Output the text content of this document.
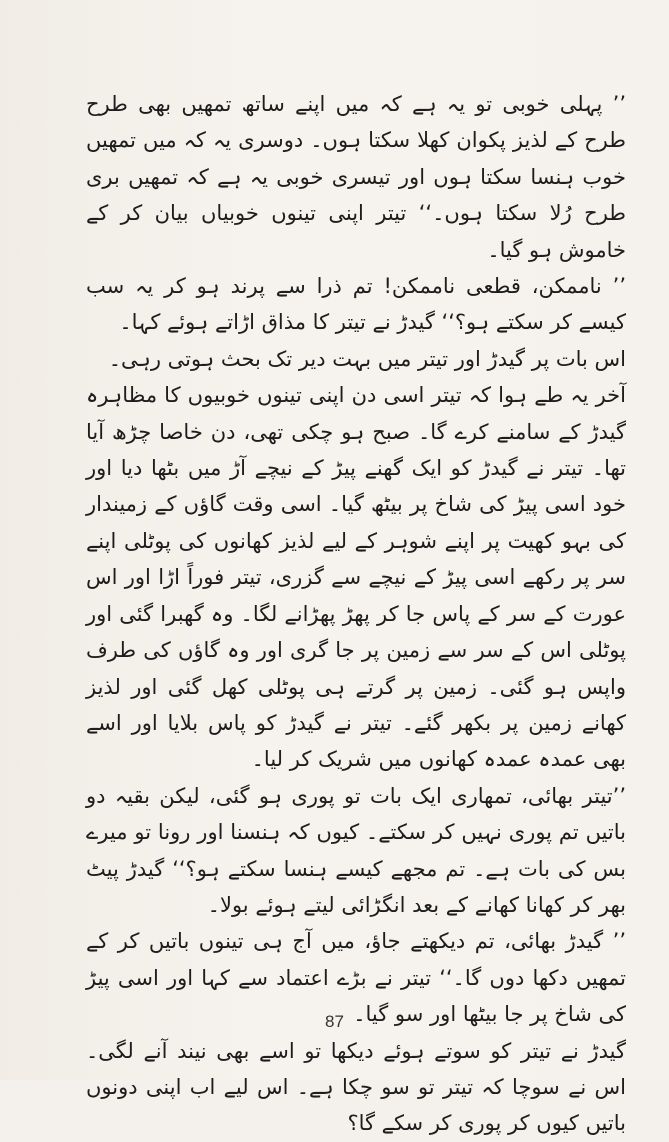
’’ پہلی خوبی تو یہ ہے کہ میں اپنے ساتھ تمھیں بھی طرح طرح کے لذیز پکوان کھلا سکتا ہوں۔ دوسری یہ کہ میں تمھیں خوب ہنسا سکتا ہوں اور تیسری خوبی یہ ہے کہ تمھیں بری طرح رُلا سکتا ہوں۔‘‘ تیتر اپنی تینوں خوبیاں بیان کر کے خاموش ہو گیا۔

’’ ناممکن، قطعی ناممکن! تم ذرا سے پرند ہو کر یہ سب کیسے کر سکتے ہو؟‘‘ گیدڑ نے تیتر کا مذاق اڑاتے ہوئے کہا۔

اس بات پر گیدڑ اور تیتر میں بہت دیر تک بحث ہوتی رہی۔

آخر یہ طے ہوا کہ تیتر اسی دن اپنی تینوں خوبیوں کا مظاہرہ گیدڑ کے سامنے کرے گا۔ صبح ہو چکی تھی، دن خاصا چڑھ آیا تھا۔ تیتر نے گیدڑ کو ایک گھنے پیڑ کے نیچے آڑ میں بٹھا دیا اور خود اسی پیڑ کی شاخ پر بیٹھ گیا۔ اسی وقت گاؤں کے زمیندار کی بہو کھیت پر اپنے شوہر کے لیے لذیز کھانوں کی پوٹلی اپنے سر پر رکھے اسی پیڑ کے نیچے سے گزری، تیتر فوراً اڑا اور اس عورت کے سر کے پاس جا کر پھڑ پھڑانے لگا۔ وہ گھبرا گئی اور پوٹلی اس کے سر سے زمین پر جا گری اور وہ گاؤں کی طرف واپس ہو گئی۔ زمین پر گرتے ہی پوٹلی کھل گئی اور لذیز کھانے زمین پر بکھر گئے۔ تیتر نے گیدڑ کو پاس بلایا اور اسے بھی عمدہ عمدہ کھانوں میں شریک کر لیا۔

’’تیتر بھائی، تمھاری ایک بات تو پوری ہو گئی، لیکن بقیہ دو باتیں تم پوری نہیں کر سکتے۔ کیوں کہ ہنسنا اور رونا تو میرے بس کی بات ہے۔ تم مجھے کیسے ہنسا سکتے ہو؟‘‘ گیدڑ پیٹ بھر کر کھانا کھانے کے بعد انگڑائی لیتے ہوئے بولا۔

’’ گیدڑ بھائی، تم دیکھتے جاؤ، میں آج ہی تینوں باتیں کر کے تمھیں دکھا دوں گا۔‘‘ تیتر نے بڑے اعتماد سے کہا اور اسی پیڑ کی شاخ پر جا بیٹھا اور سو گیا۔

گیدڑ نے تیتر کو سوتے ہوئے دیکھا تو اسے بھی نیند آنے لگی۔ اس نے سوچا کہ تیتر تو سو چکا ہے۔ اس لیے اب اپنی دونوں باتیں کیوں کر پوری کر سکے گا؟

87
